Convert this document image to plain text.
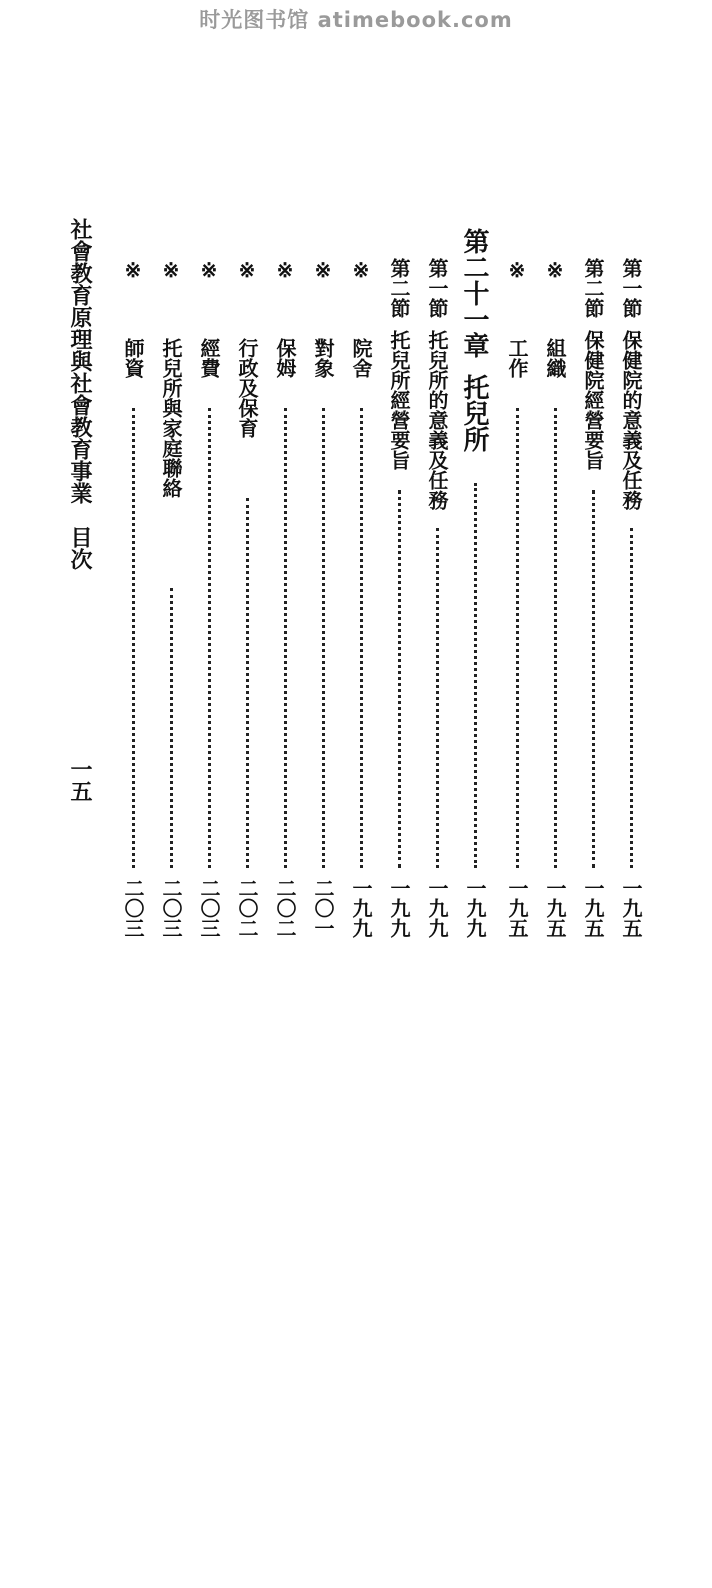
时光图书馆 atimebook.com
第一節保健院的意義及任務
一九五
第二節保健院經營要旨
一九五
※組織
一九五
※工作
一九五
第二十一章托兒所
一九九
第一節托兒所的意義及任務
一九九
第二節托兒所經營要旨
一九九
※院舍
一九九
※對象
二〇一
※保姆
二〇二
※行政及保育
二〇二
※經費
二〇三
※托兒所與家庭聯絡
二〇三
※師資
二〇三
社會教育原理與社會教育事業　目次
一五
